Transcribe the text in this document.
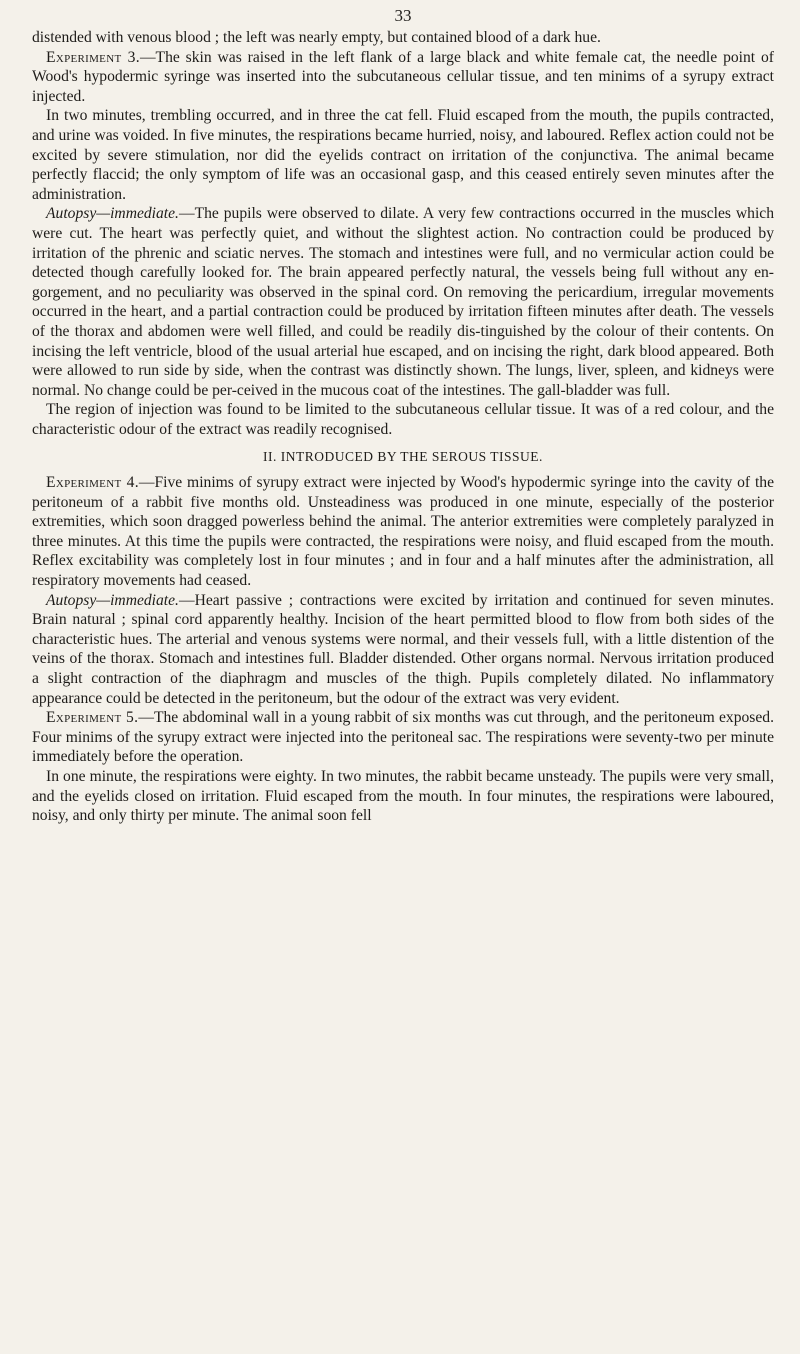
33

distended with venous blood ; the left was nearly empty, but contained blood of a dark hue.

Experiment 3.—The skin was raised in the left flank of a large black and white female cat, the needle point of Wood's hypodermic syringe was inserted into the subcutaneous cellular tissue, and ten minims of a syrupy extract injected.

In two minutes, trembling occurred, and in three the cat fell. Fluid escaped from the mouth, the pupils contracted, and urine was voided. In five minutes, the respirations became hurried, noisy, and laboured. Reflex action could not be excited by severe stimulation, nor did the eyelids contract on irritation of the conjunctiva. The animal became perfectly flaccid; the only symptom of life was an occasional gasp, and this ceased entirely seven minutes after the administration.

Autopsy—immediate.—The pupils were observed to dilate. A very few contractions occurred in the muscles which were cut. The heart was perfectly quiet, and without the slightest action. No contraction could be produced by irritation of the phrenic and sciatic nerves. The stomach and intestines were full, and no vermicular action could be detected though carefully looked for. The brain appeared perfectly natural, the vessels being full without any en-gorgement, and no peculiarity was observed in the spinal cord. On removing the pericardium, irregular movements occurred in the heart, and a partial contraction could be produced by irritation fifteen minutes after death. The vessels of the thorax and abdomen were well filled, and could be readily dis-tinguished by the colour of their contents. On incising the left ventricle, blood of the usual arterial hue escaped, and on incising the right, dark blood appeared. Both were allowed to run side by side, when the contrast was distinctly shown. The lungs, liver, spleen, and kidneys were normal. No change could be per-ceived in the mucous coat of the intestines. The gall-bladder was full.

The region of injection was found to be limited to the subcutaneous cellular tissue. It was of a red colour, and the characteristic odour of the extract was readily recognised.

II. INTRODUCED BY THE SEROUS TISSUE.

Experiment 4.—Five minims of syrupy extract were injected by Wood's hypodermic syringe into the cavity of the peritoneum of a rabbit five months old. Unsteadiness was produced in one minute, especially of the posterior extremities, which soon dragged powerless behind the animal. The anterior extremities were completely paralyzed in three minutes. At this time the pupils were contracted, the respirations were noisy, and fluid escaped from the mouth. Reflex excitability was completely lost in four minutes ; and in four and a half minutes after the administration, all respiratory movements had ceased.

Autopsy—immediate.—Heart passive ; contractions were excited by irritation and continued for seven minutes. Brain natural ; spinal cord apparently healthy. Incision of the heart permitted blood to flow from both sides of the characteristic hues. The arterial and venous systems were normal, and their vessels full, with a little distention of the veins of the thorax. Stomach and intestines full. Bladder distended. Other organs normal. Nervous irritation produced a slight contraction of the diaphragm and muscles of the thigh. Pupils completely dilated. No inflammatory appearance could be detected in the peritoneum, but the odour of the extract was very evident.

Experiment 5.—The abdominal wall in a young rabbit of six months was cut through, and the peritoneum exposed. Four minims of the syrupy extract were injected into the peritoneal sac. The respirations were seventy-two per minute immediately before the operation.

In one minute, the respirations were eighty. In two minutes, the rabbit became unsteady. The pupils were very small, and the eyelids closed on irritation. Fluid escaped from the mouth. In four minutes, the respirations were laboured, noisy, and only thirty per minute. The animal soon fell
